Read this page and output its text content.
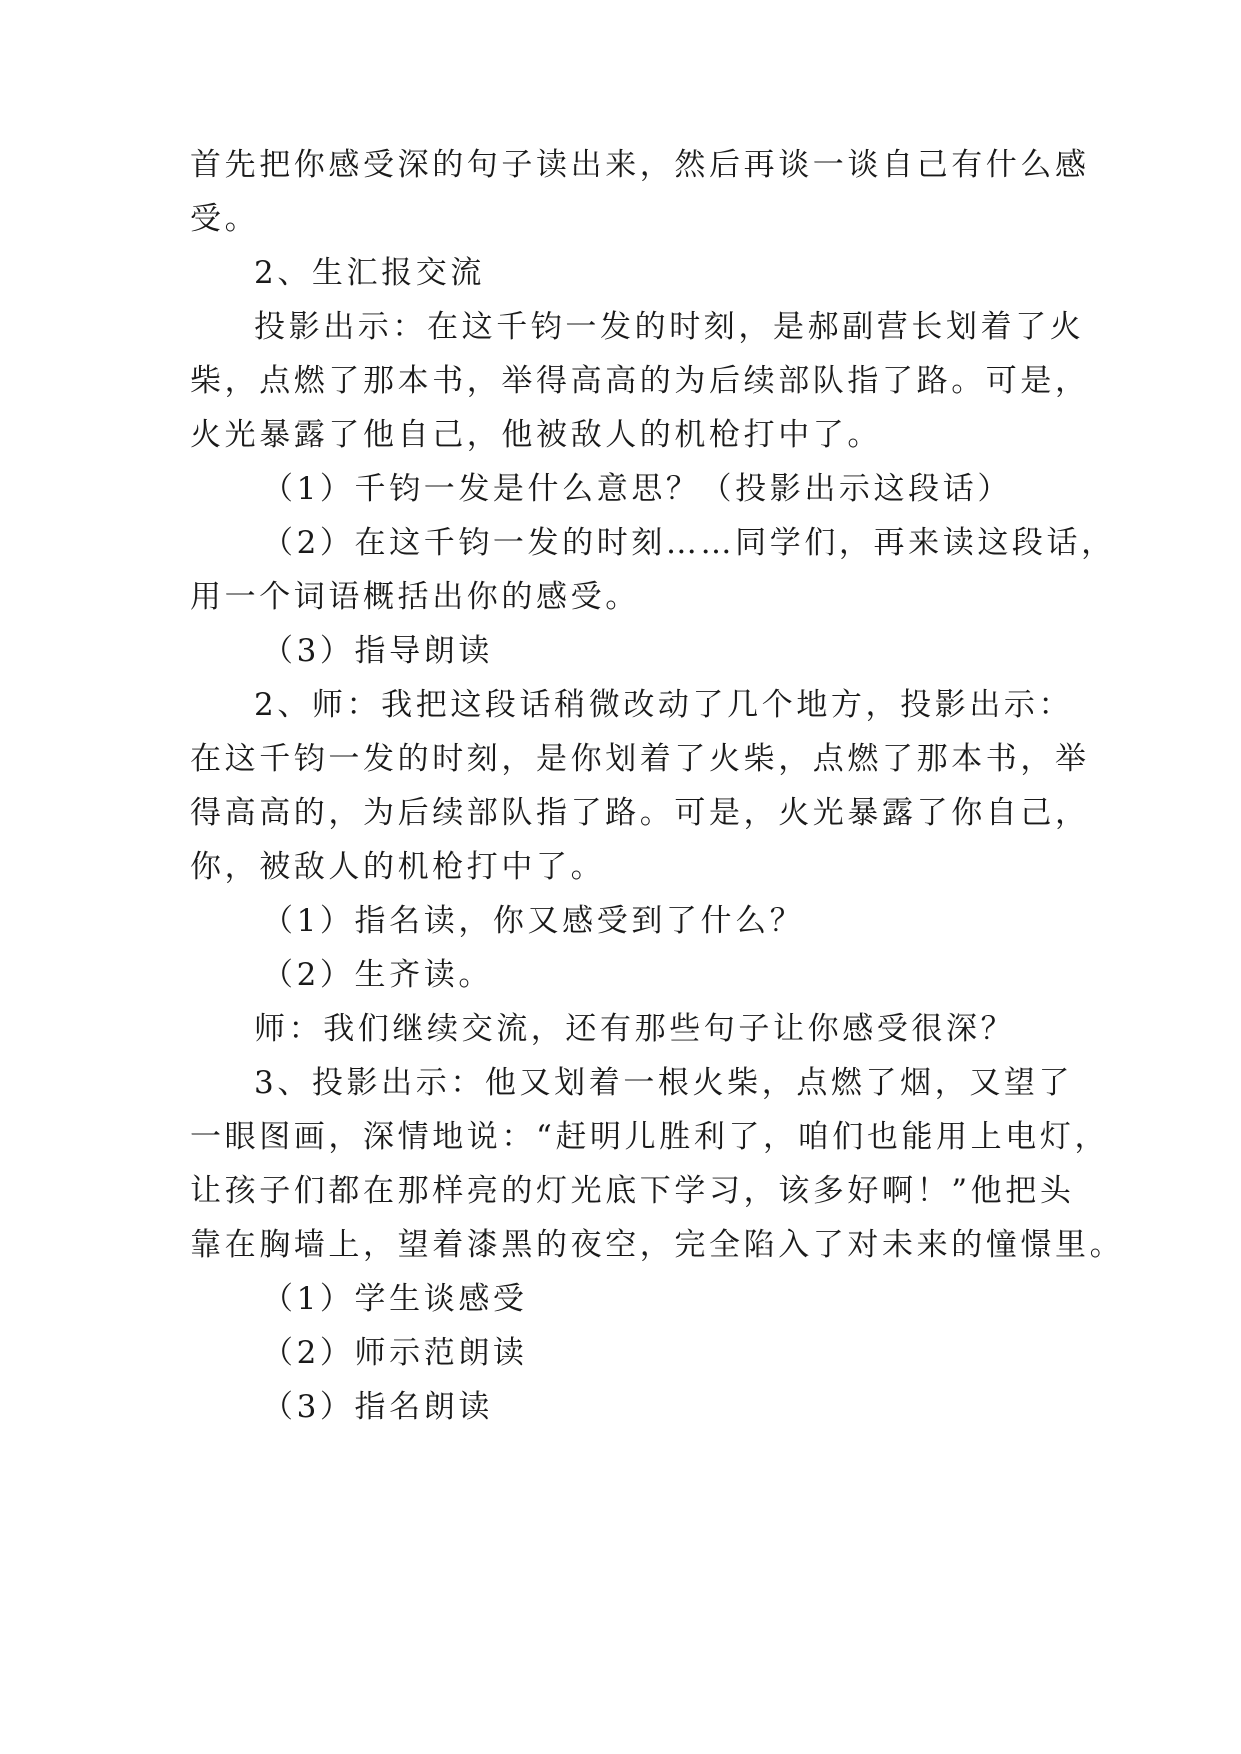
首先把你感受深的句子读出来，然后再谈一谈自己有什么感
受。
2、生汇报交流
投影出示：在这千钧一发的时刻，是郝副营长划着了火
柴，点燃了那本书，举得高高的为后续部队指了路。可是，
火光暴露了他自己，他被敌人的机枪打中了。
（1）千钧一发是什么意思？（投影出示这段话）
（2）在这千钧一发的时刻……同学们，再来读这段话，
用一个词语概括出你的感受。
（3）指导朗读
2、师：我把这段话稍微改动了几个地方，投影出示：
在这千钧一发的时刻，是你划着了火柴，点燃了那本书，举
得高高的，为后续部队指了路。可是，火光暴露了你自己，
你，被敌人的机枪打中了。
（1）指名读，你又感受到了什么？
（2）生齐读。
师：我们继续交流，还有那些句子让你感受很深？
3、投影出示：他又划着一根火柴，点燃了烟，又望了
一眼图画，深情地说：“赶明儿胜利了，咱们也能用上电灯，
让孩子们都在那样亮的灯光底下学习，该多好啊！”他把头
靠在胸墙上，望着漆黑的夜空，完全陷入了对未来的憧憬里。
（1）学生谈感受
（2）师示范朗读
（3）指名朗读
